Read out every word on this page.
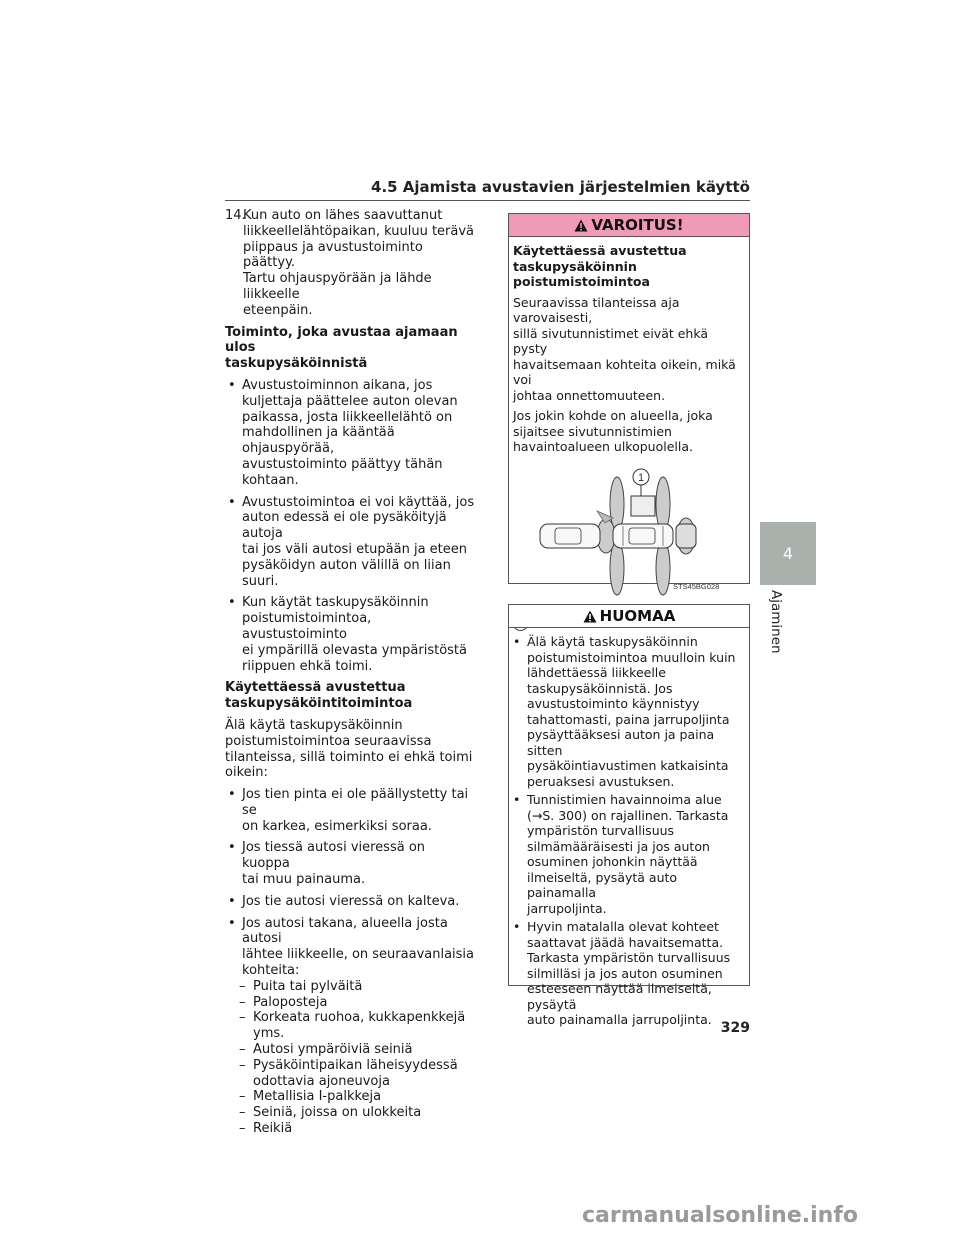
4.5 Ajamista avustavien järjestelmien käyttö
14.
Kun auto on lähes saavuttanut
liikkeellelähtöpaikan, kuuluu terävä
piippaus ja avustustoiminto päättyy.
Tartu ohjauspyörään ja lähde liikkeelle
eteenpäin.
Toiminto, joka avustaa ajamaan ulos
taskupysäköinnistä
• Avustustoiminnon aikana, jos
kuljettaja päättelee auton olevan
paikassa, josta liikkeellelähtö on
mahdollinen ja kääntää ohjauspyörää,
avustustoiminto päättyy tähän
kohtaan.
• Avustustoimintoa ei voi käyttää, jos
auton edessä ei ole pysäköityjä autoja
tai jos väli autosi etupään ja eteen
pysäköidyn auton välillä on liian suuri.
• Kun käytät taskupysäköinnin
poistumistoimintoa, avustustoiminto
ei ympärillä olevasta ympäristöstä
riippuen ehkä toimi.
Käytettäessä avustettua
taskupysäköintitoimintoa

Älä käytä taskupysäköinnin
poistumistoimintoa seuraavissa
tilanteissa, sillä toiminto ei ehkä toimi
oikein:

• Jos tien pinta ei ole päällystetty tai se
on karkea, esimerkiksi soraa.
• Jos tiessä autosi vieressä on kuoppa
tai muu painauma.
• Jos tie autosi vieressä on kalteva.
• Jos autosi takana, alueella josta autosi
lähtee liikkeelle, on seuraavanlaisia
kohteita:
– Puita tai pylväitä
– Paloposteja
– Korkeata ruohoa, kukkapenkkejä
yms.
– Autosi ympäröiviä seiniä
– Pysäköintipaikan läheisyydessä
odottavia ajoneuvoja
– Metallisia I-palkkeja
– Seiniä, joissa on ulokkeita
– Reikiä
VAROITUS!

Käytettäessä avustettua
taskupysäköinnin
poistumistoimintoa

Seuraavissa tilanteissa aja varovaisesti,
sillä sivutunnistimet eivät ehkä pysty
havaitsemaan kohteita oikein, mikä voi
johtaa onnettomuuteen.

Jos jokin kohde on alueella, joka
sijaitsee sivutunnistimien
havaintoalueen ulkopuolella.

1
STS45BG028
HUOMAA
• Älä käytä taskupysäköinnin
poistumistoimintoa muulloin kuin
lähdettäessä liikkeelle
taskupysäköinnistä. Jos
avustustoiminto käynnistyy
tahattomasti, paina jarrupoljinta
pysäyttääksesi auton ja paina sitten
pysäköintiavustimen katkaisinta
peruaksesi avustuksen.
• Tunnistimien havainnoima alue
(→S. 300) on rajallinen. Tarkasta
ympäristön turvallisuus
silmämääräisesti ja jos auton
osuminen johonkin näyttää
ilmeiseltä, pysäytä auto painamalla
jarrupoljinta.
• Hyvin matalalla olevat kohteet
saattavat jäädä havaitsematta.
Tarkasta ympäristön turvallisuus
silmilläsi ja jos auton osuminen
esteeseen näyttää ilmeiseltä, pysäytä
auto painamalla jarrupoljinta.
4
Ajaminen
329
carmanualsonline.info
